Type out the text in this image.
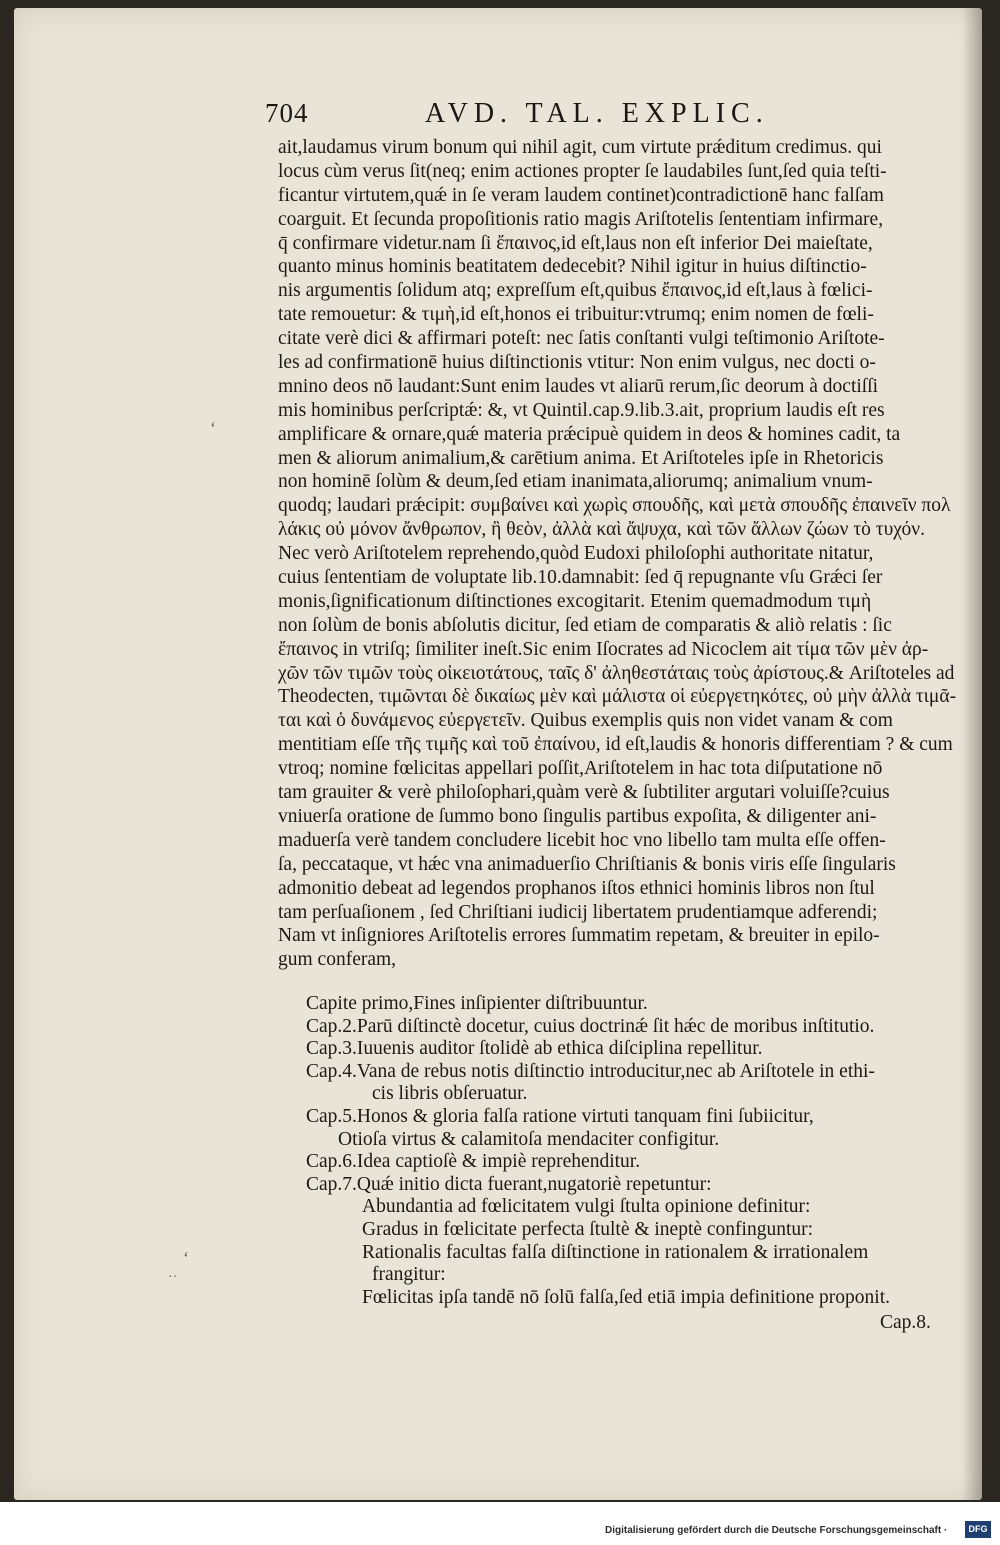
704	AVD. TAL. EXPLIC.
ait,laudamus virum bonum qui nihil agit, cum virtute prǽditum credimus. qui
locus cùm verus ſit(neq; enim actiones propter ſe laudabiles ſunt,ſed quia teſti-
ficantur virtutem,quǽ in ſe veram laudem continet)contradictionē hanc falſam
coarguit. Et ſecunda propoſitionis ratio magis Ariſtotelis ſententiam infirmare,
q̄ confirmare videtur.nam ſi ἔπαινος,id eſt,laus non eſt inferior Dei maieſtate,
quanto minus hominis beatitatem dedecebit? Nihil igitur in huius diſtinctio-
nis argumentis ſolidum atq; expreſſum eſt,quibus ἔπαινος,id eſt,laus à fœlici-
tate remouetur: & τιμὴ,id eſt,honos ei tribuitur:vtrumq; enim nomen de fœli-
citate verè dici & affirmari poteſt: nec ſatis conſtanti vulgi teſtimonio Ariſtote-
les ad confirmationē huius diſtinctionis vtitur: Non enim vulgus, nec docti o-
mnino deos nō laudant:Sunt enim laudes vt aliarū rerum,ſic deorum à doctiſſi
mis hominibus perſcriptǽ: &, vt Quintil.cap.9.lib.3.ait, proprium laudis eſt res
amplificare & ornare,quǽ materia prǽcipuè quidem in deos & homines cadit, ta
men & aliorum animalium,& carētium anima. Et Ariſtoteles ipſe in Rhetoricis
non hominē ſolùm & deum,ſed etiam inanimata,aliorumq; animalium vnum-
quodq; laudari prǽcipit: συμβαίνει καὶ χωρὶς σπουδῆς, καὶ μετὰ σπουδῆς ἐπαινεῖν πολ
λάκις οὐ μόνον ἄνθρωπον, ἢ θεὸν, ἀλλὰ καὶ ἄψυχα, καὶ τῶν ἄλλων ζώων τὸ τυχόν.
Nec verò Ariſtotelem reprehendo,quòd Eudoxi philoſophi authoritate nitatur,
cuius ſententiam de voluptate lib.10.damnabit: ſed q̄ repugnante vſu Grǽci ſer
monis,ſignificationum diſtinctiones excogitarit. Etenim quemadmodum τιμὴ
non ſolùm de bonis abſolutis dicitur, ſed etiam de comparatis & aliò relatis : ſic
ἔπαινος in vtriſq; ſimiliter ineſt.Sic enim Iſocrates ad Nicoclem ait τίμα τῶν μὲν ἀρ-
χῶν τῶν τιμῶν τοὺς οἰκειοτάτους, ταῖς δ' ἀληθεστάταις τοὺς ἀρίστους.& Ariſtoteles ad
Theodecten, τιμῶνται δὲ δικαίως μὲν καὶ μάλιστα οἱ εὐεργετηκότες, οὐ μὴν ἀλλὰ τιμᾶ-
ται καὶ ὁ δυνάμενος εὐεργετεῖν. Quibus exemplis quis non videt vanam & com
mentitiam eſſe τῆς τιμῆς καὶ τοῦ ἐπαίνου, id eſt,laudis & honoris differentiam ? & cum
vtroq; nomine fœlicitas appellari poſſit,Ariſtotelem in hac tota diſputatione nō
tam grauiter & verè philoſophari,quàm verè & ſubtiliter argutari voluiſſe?cuius
vniuerſa oratione de ſummo bono ſingulis partibus expoſita, & diligenter ani-
maduerſa verè tandem concludere licebit hoc vno libello tam multa eſſe offen-
ſa, peccataque, vt hǽc vna animaduerſio Chriſtianis & bonis viris eſſe ſingularis
admonitio debeat ad legendos prophanos iſtos ethnici hominis libros non ſtul
tam perſuaſionem , ſed Chriſtiani iudicij libertatem prudentiamque adferendi;
Nam vt inſigniores Ariſtotelis errores ſummatim repetam, & breuiter in epilo-
gum conferam,
Capite primo,Fines inſipienter diſtribuuntur.
Cap.2.Parū diſtinctè docetur, cuius doctrinǽ ſit hǽc de moribus inſtitutio.
Cap.3.Iuuenis auditor ſtolidè ab ethica diſciplina repellitur.
Cap.4.Vana de rebus notis diſtinctio introducitur,nec ab Ariſtotele in ethi-
cis libris obſeruatur.
Cap.5.Honos & gloria falſa ratione virtuti tanquam fini ſubiicitur,
Otioſa virtus & calamitoſa mendaciter configitur.
Cap.6.Idea captioſè & impiè reprehenditur.
Cap.7.Quǽ initio dicta fuerant,nugatoriè repetuntur:
Abundantia ad fœlicitatem vulgi ſtulta opinione definitur:
Gradus in fœlicitate perfecta ſtultè & ineptè confinguntur:
Rationalis facultas falſa diſtinctione in rationalem & irrationalem
frangitur:
Fœlicitas ipſa tandē nō ſolū falſa,ſed etiā impia definitione proponit.
Cap.8.
ʻ
ʻ
··
Digitalisierung gefördert durch die Deutsche Forschungsgemeinschaft ·	DFG
